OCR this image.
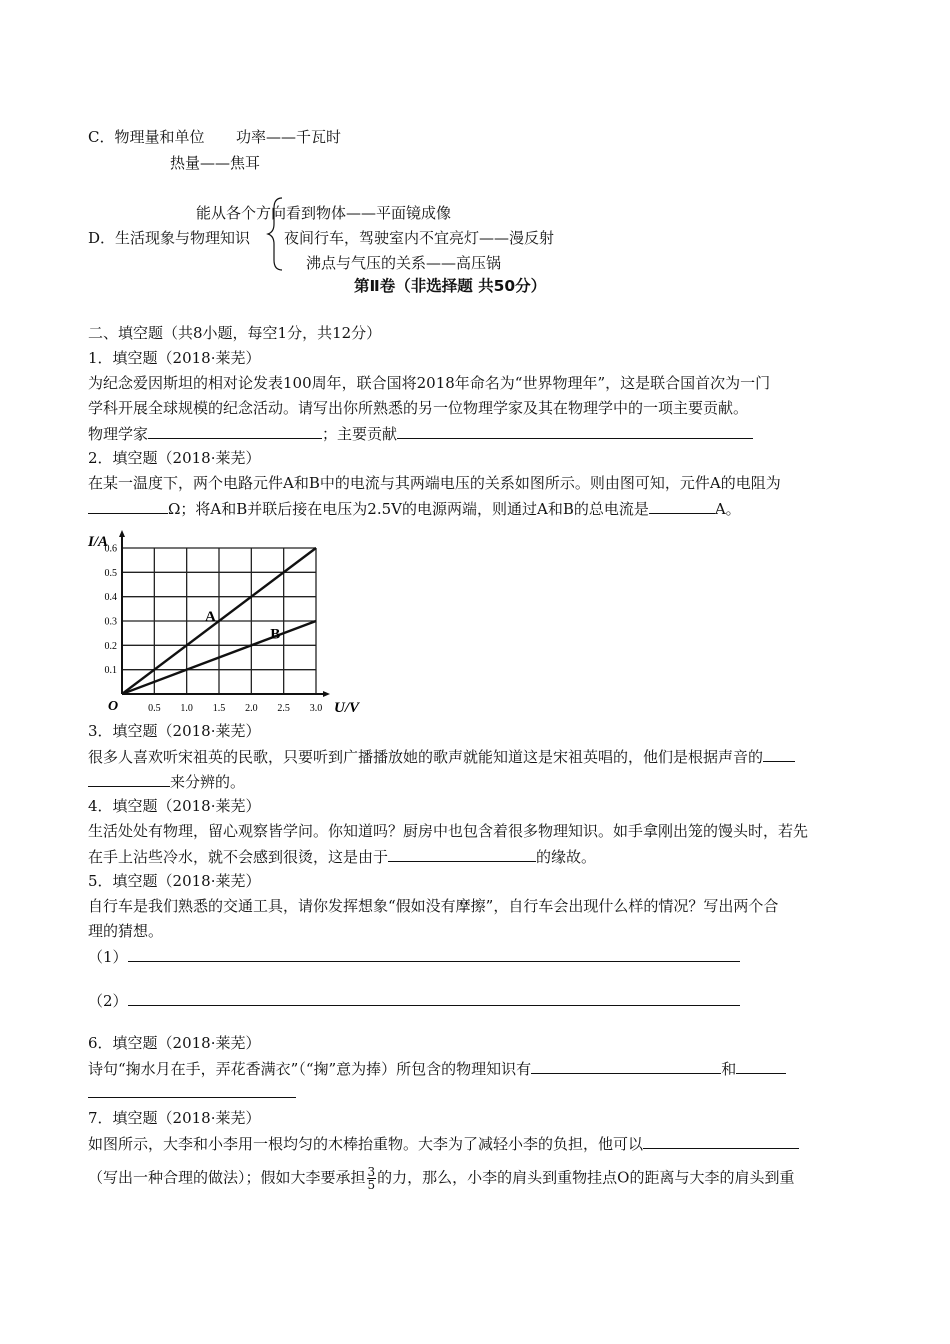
C．物理量和单位 功率——千瓦时
热量——焦耳
能从各个方向看到物体——平面镜成像
D．生活现象与物理知识 夜间行车，驾驶室内不宜亮灯——漫反射
沸点与气压的关系——高压锅
第Ⅱ卷（非选择题 共50分）
二、填空题（共8小题，每空1分，共12分）
1．填空题（2018·莱芜）
为纪念爱因斯坦的相对论发表100周年，联合国将2018年命名为“世界物理年”，这是联合国首次为一门
学科开展全球规模的纪念活动。请写出你所熟悉的另一位物理学家及其在物理学中的一项主要贡献。
物理学家	；主要贡献
2．填空题（2018·莱芜）
在某一温度下，两个电路元件A和B中的电流与其两端电压的关系如图所示。则由图可知，元件A的电阻为
Ω；将A和B并联后接在电压为2.5V的电源两端，则通过A和B的总电流是	A。
0.5 1.0 1.5 2.0 2.5 3.0
0.1
0.2
0.3
0.4
0.5
0.6
I/A
U/V
O
A
B
3．填空题（2018·莱芜）
很多人喜欢听宋祖英的民歌，只要听到广播播放她的歌声就能知道这是宋祖英唱的，他们是根据声音的
来分辨的。
4．填空题（2018·莱芜）
生活处处有物理，留心观察皆学问。你知道吗？厨房中也包含着很多物理知识。如手拿刚出笼的馒头时，若先
在手上沾些冷水，就不会感到很烫，这是由于	的缘故。
5．填空题（2018·莱芜）
自行车是我们熟悉的交通工具，请你发挥想象“假如没有摩擦”，自行车会出现什么样的情况？写出两个合
理的猜想。
（1）
（2）
6．填空题（2018·莱芜）
诗句“掬水月在手，弄花香满衣”（“掬”意为捧）所包含的物理知识有	和
7．填空题（2018·莱芜）
如图所示，大李和小李用一根均匀的木棒抬重物。大李为了减轻小李的负担，他可以
（写出一种合理的做法）；假如大李要承担 $\frac{3}{5}$ 的力，那么，小李的肩头到重物挂点O的距离与大李的肩头到重
